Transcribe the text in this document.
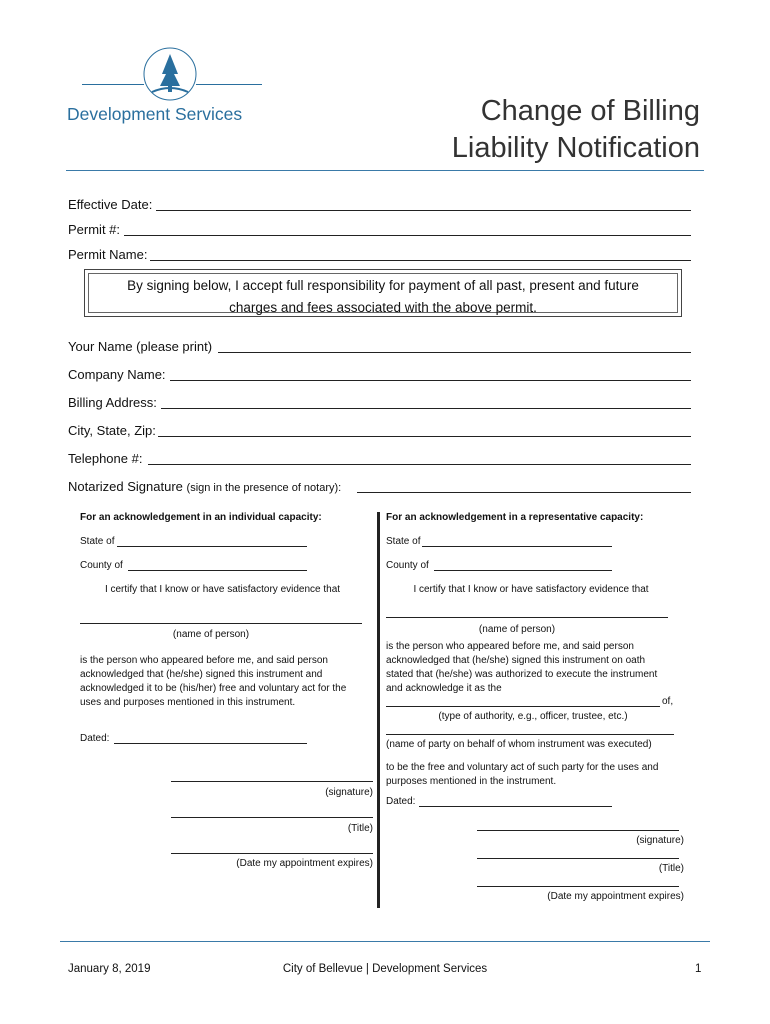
Development Services	Change of Billing
Liability Notification
Effective Date:
Permit #:
Permit Name:
By signing below, I accept full responsibility for payment of all past, present and future
charges and fees associated with the above permit.
Your Name (please print)
Company Name:
Billing Address:
City, State, Zip:
Telephone #:
Notarized Signature (sign in the presence of notary):
For an acknowledgement in an individual capacity:
State of
County of
I certify that I know or have satisfactory evidence that
(name of person)
is the person who appeared before me, and said person
acknowledged that (he/she) signed this instrument and
acknowledged it to be (his/her) free and voluntary act for the
uses and purposes mentioned in this instrument.
Dated:
(signature)
(Title)
(Date my appointment expires)
For an acknowledgement in a representative capacity:
State of
County of
I certify that I know or have satisfactory evidence that
(name of person)
is the person who appeared before me, and said person
acknowledged that (he/she) signed this instrument on oath
stated that (he/she) was authorized to execute the instrument
and acknowledge it as the
of,
(type of authority, e.g., officer, trustee, etc.)
(name of party on behalf of whom instrument was executed)
to be the free and voluntary act of such party for the uses and
purposes mentioned in the instrument.
Dated:
(signature)
(Title)
(Date my appointment expires)
January 8, 2019	City of Bellevue | Development Services	1
